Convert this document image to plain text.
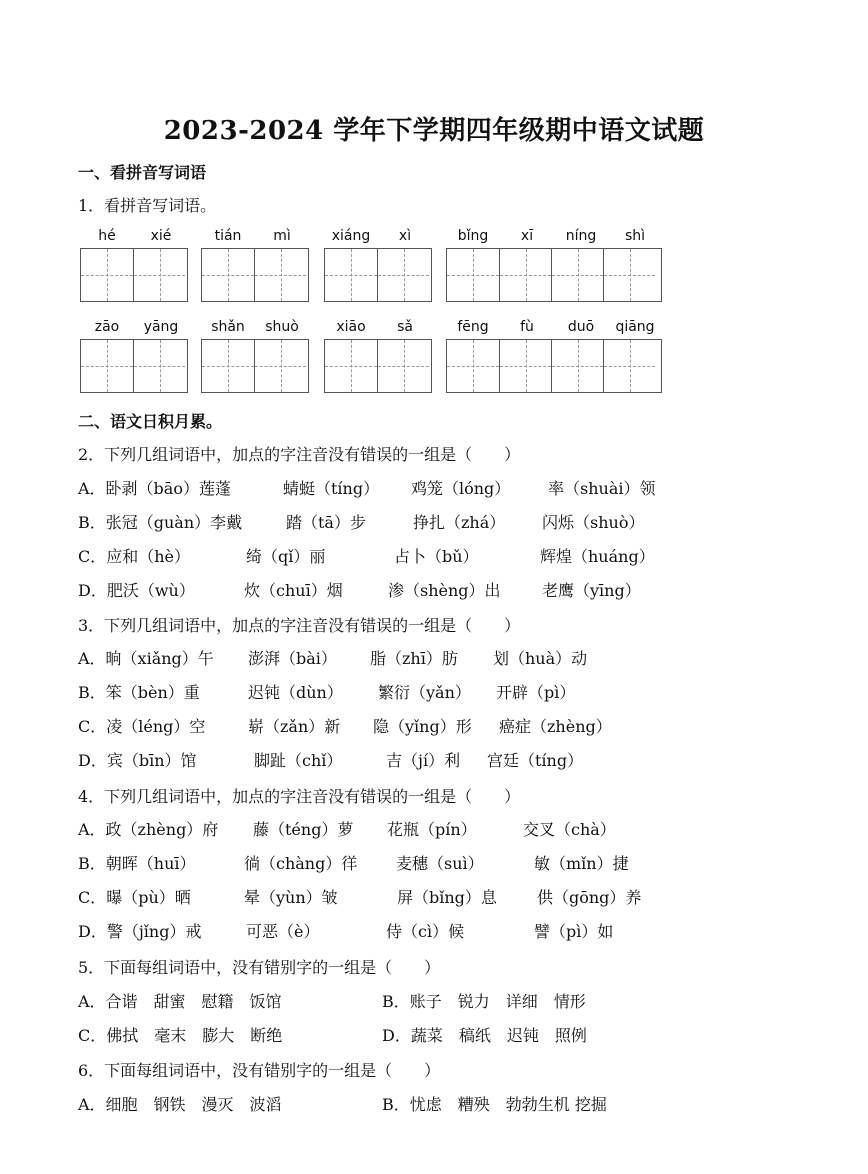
2023-2024 学年下学期四年级期中语文试题
一、看拼音写词语
1．看拼音写词语。
hé	xié	tián	mì	xiáng	xì	bǐng	xī	níng	shì
zāo	yāng	shǎn	shuò	xiāo	sǎ	fēng	fù	duō	qiāng
二、语文日积月累。
2．下列几组词语中，加点的字注音没有错误的一组是（　　）
A．卧剥（bāo）莲蓬	蜻蜓（tíng） 鸡笼（lóng） 率（shuài）领
B．张冠（guàn）李戴	踏（tā）步	挣扎（zhá） 闪烁（shuò）
C．应和（hè）	绮（qǐ）丽	占卜（bǔ）	辉煌（huáng）
D．肥沃（wù）	炊（chuī）烟	渗（shèng）出	老鹰（yīng）
3．下列几组词语中，加点的字注音没有错误的一组是（　　）
A．晌（xiǎng）午 澎湃（bài） 脂（zhī）肪 划（huà）动
B．笨（bèn）重	迟钝（dùn） 繁衍（yǎn） 开辟（pì）
C．凌（léng）空	崭（zǎn）新 隐（yǐng）形 癌症（zhèng）
D．宾（bīn）馆	脚趾（chǐ）	吉（jí）利 宫廷（tíng）
4．下列几组词语中，加点的字注音没有错误的一组是（　　）
A．政（zhèng）府 藤（téng）萝 花瓶（pín）	交叉（chà）
B．朝晖（huī）	徜（chàng）徉 麦穗（suì）	敏（mǐn）捷
C．曝（pù）晒	晕（yùn）皱	屏（bǐng）息	供（gōng）养
D．警（jǐng）戒	可恶（è）	侍（cì）候	譬（pì）如
5．下面每组词语中，没有错别字的一组是（　　）
A．合谐　甜蜜　慰籍　饭馆	B．账子　锐力　详细　情形
C．佛拭　毫末　膨大　断绝	D．蔬菜　稿纸　迟钝　照例
6．下面每组词语中，没有错别字的一组是（　　）
A．细胞　钢铁　漫灭　波滔	B．忧虑　糟殃　勃勃生机 挖掘
